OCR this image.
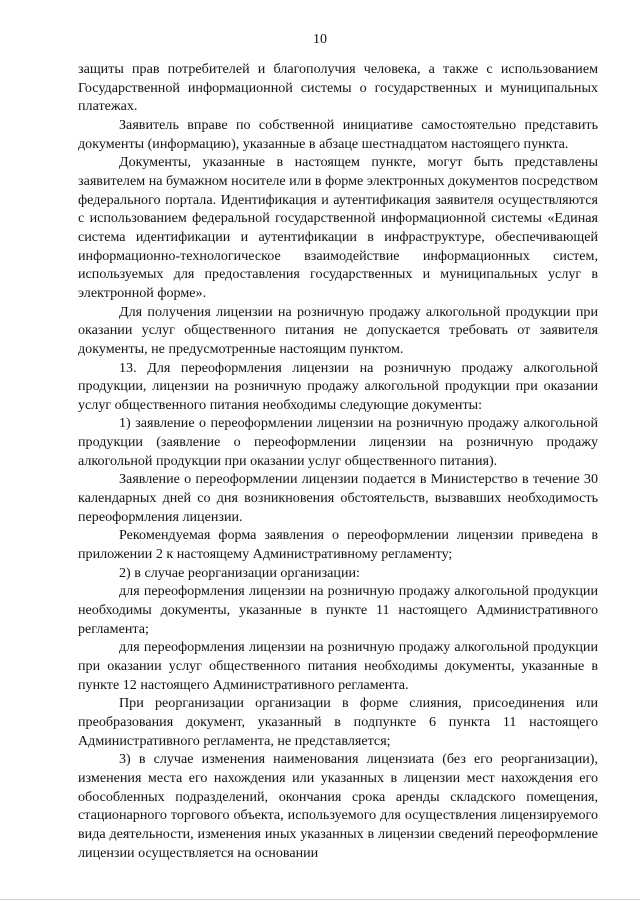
10

защиты прав потребителей и благополучия человека, а также с использованием Государственной информационной системы о государственных и муниципальных платежах.

Заявитель вправе по собственной инициативе самостоятельно представить документы (информацию), указанные в абзаце шестнадцатом настоящего пункта.

Документы, указанные в настоящем пункте, могут быть представлены заявителем на бумажном носителе или в форме электронных документов посредством федерального портала. Идентификация и аутентификация заявителя осуществляются с использованием федеральной государственной информационной системы «Единая система идентификации и аутентификации в инфраструктуре, обеспечивающей информационно-технологическое взаимодействие информационных систем, используемых для предоставления государственных и муниципальных услуг в электронной форме».

Для получения лицензии на розничную продажу алкогольной продукции при оказании услуг общественного питания не допускается требовать от заявителя документы, не предусмотренные настоящим пунктом.

13. Для переоформления лицензии на розничную продажу алкогольной продукции, лицензии на розничную продажу алкогольной продукции при оказании услуг общественного питания необходимы следующие документы:

1) заявление о переоформлении лицензии на розничную продажу алкогольной продукции (заявление о переоформлении лицензии на розничную продажу алкогольной продукции при оказании услуг общественного питания).

Заявление о переоформлении лицензии подается в Министерство в течение 30 календарных дней со дня возникновения обстоятельств, вызвавших необходимость переоформления лицензии.

Рекомендуемая форма заявления о переоформлении лицензии приведена в приложении 2 к настоящему Административному регламенту;

2) в случае реорганизации организации:

для переоформления лицензии на розничную продажу алкогольной продукции необходимы документы, указанные в пункте 11 настоящего Административного регламента;

для переоформления лицензии на розничную продажу алкогольной продукции при оказании услуг общественного питания необходимы документы, указанные в пункте 12 настоящего Административного регламента.

При реорганизации организации в форме слияния, присоединения или преобразования документ, указанный в подпункте 6 пункта 11 настоящего Административного регламента, не представляется;

3) в случае изменения наименования лицензиата (без его реорганизации), изменения места его нахождения или указанных в лицензии мест нахождения его обособленных подразделений, окончания срока аренды складского помещения, стационарного торгового объекта, используемого для осуществления лицензируемого вида деятельности, изменения иных указанных в лицензии сведений переоформление лицензии осуществляется на основании
